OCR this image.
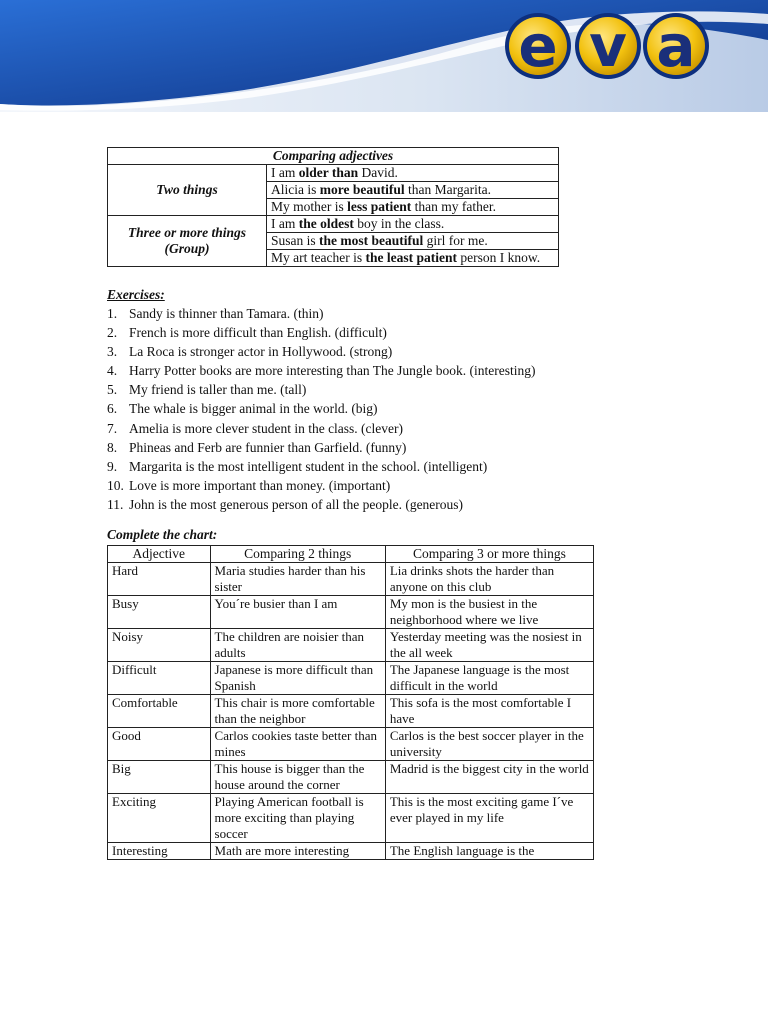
e v a
Comparing adjectives	
Two things	I am older than David.
	Alicia is more beautiful than Margarita.
	My mother is less patient than my father.
Three or more things
(Group)	I am the oldest boy in the class.
	Susan is the most beautiful girl for me.
	My art teacher is the least patient person I know.
Exercises:
1. Sandy is thinner than Tamara. (thin)
2. French is more difficult than English. (difficult)
3. La Roca is stronger actor in Hollywood. (strong)
4. Harry Potter books are more interesting than The Jungle book. (interesting)
5. My friend is taller than me. (tall)
6. The whale is bigger animal in the world. (big)
7. Amelia is more clever student in the class. (clever)
8. Phineas and Ferb are funnier than Garfield. (funny)
9. Margarita is the most intelligent student in the school. (intelligent)
10. Love is more important than money. (important)
11. John is the most generous person of all the people. (generous)
Complete the chart:
Adjective	Comparing 2 things	Comparing 3 or more things
Hard	Maria studies harder than his sister	Lia drinks shots the harder than anyone on this club
Busy	You´re busier than I am	My mon is the busiest in the neighborhood where we live
Noisy	The children are noisier than adults	Yesterday meeting was the nosiest in the all week
Difficult	Japanese is more difficult than Spanish	The Japanese language is the most difficult in the world
Comfortable	This chair is more comfortable than the neighbor	This sofa is the most comfortable I have
Good	Carlos cookies taste better than mines	Carlos is the best soccer player in the university
Big	This house is bigger than the house around the corner	Madrid is the biggest city in the world
Exciting	Playing American football is more exciting than playing soccer	This is the most exciting game I´ve ever played in my life
Interesting	Math are more interesting	The English language is the
